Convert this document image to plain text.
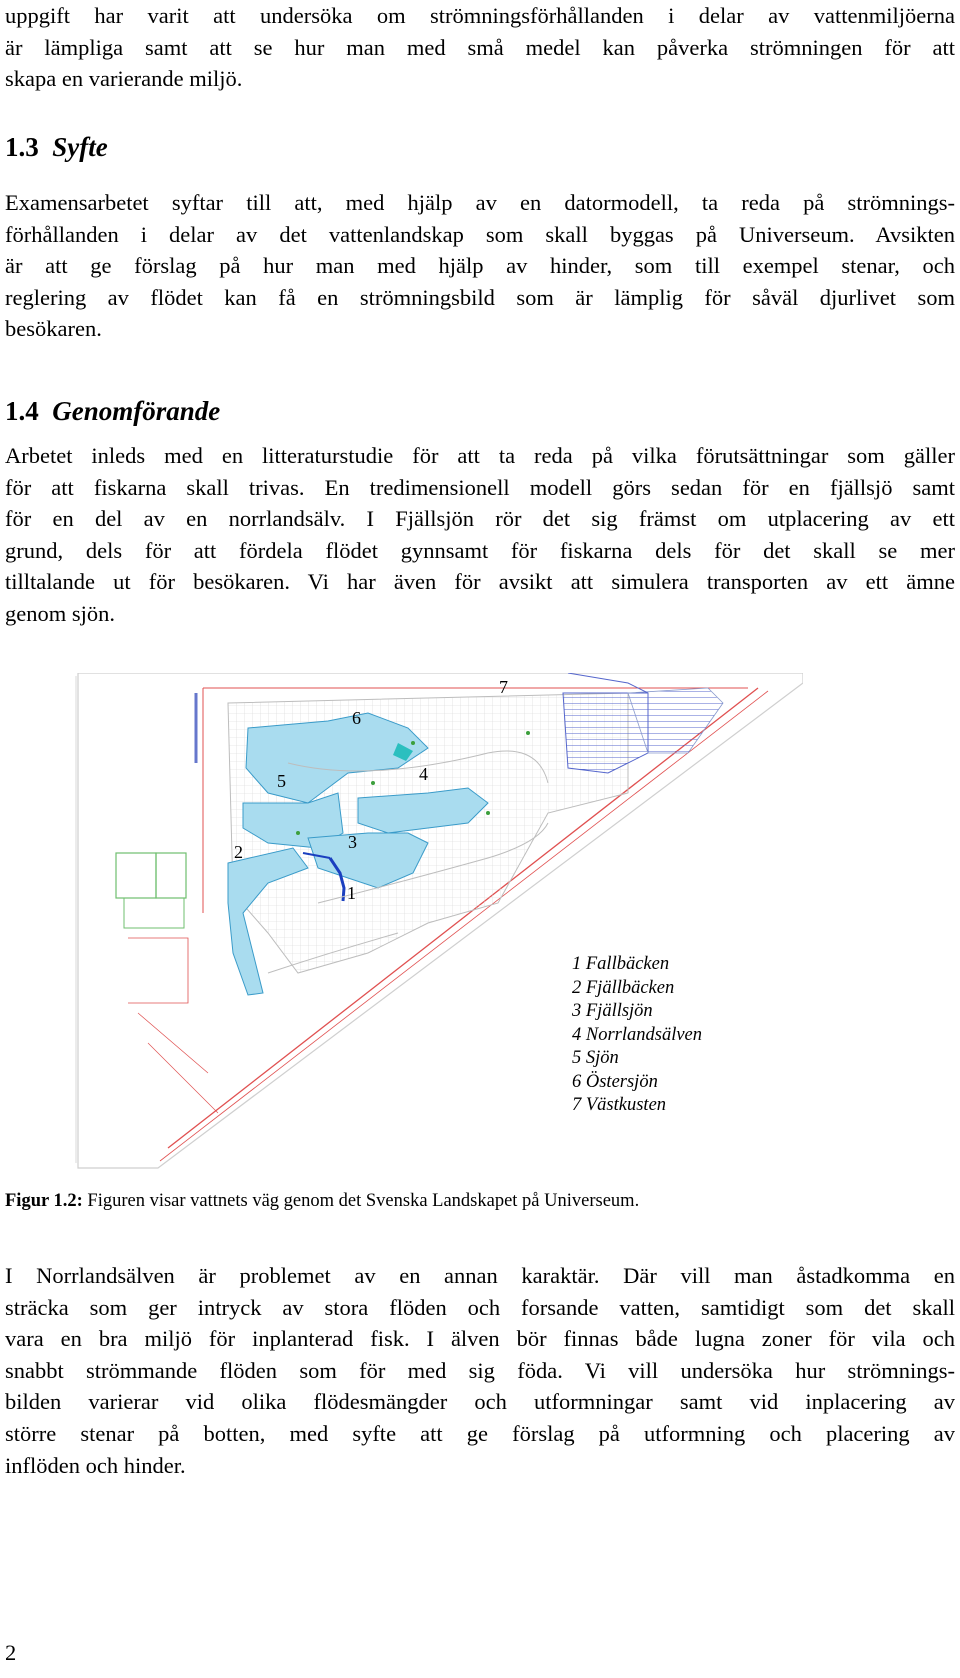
uppgift har varit att undersöka om strömningsförhållanden i delar av vattenmiljöerna
är lämpliga samt att se hur man med små medel kan påverka strömningen för att
skapa en varierande miljö.

1.3 Syfte

Examensarbetet syftar till att, med hjälp av en datormodell, ta reda på strömnings-
förhållanden i delar av det vattenlandskap som skall byggas på Universeum. Avsikten
är att ge förslag på hur man med hjälp av hinder, som till exempel stenar, och
reglering av flödet kan få en strömningsbild som är lämplig för såväl djurlivet som
besökaren.

1.4 Genomförande

Arbetet inleds med en litteraturstudie för att ta reda på vilka förutsättningar som gäller
för att fiskarna skall trivas. En tredimensionell modell görs sedan för en fjällsjö samt
för en del av en norrlandsälv. I Fjällsjön rör det sig främst om utplacering av ett
grund, dels för att fördela flödet gynnsamt för fiskarna dels för det skall se mer
tilltalande ut för besökaren. Vi har även för avsikt att simulera transporten av ett ämne
genom sjön.

7
6
5	4
3
2
1
1 Fallbäcken
2 Fjällbäcken
3 Fjällsjön
4 Norrlandsälven
5 Sjön
6 Östersjön
7 Västkusten
Figur 1.2: Figuren visar vattnets väg genom det Svenska Landskapet på Universeum.

I Norrlandsälven är problemet av en annan karaktär. Där vill man åstadkomma en
sträcka som ger intryck av stora flöden och forsande vatten, samtidigt som det skall
vara en bra miljö för inplanterad fisk. I älven bör finnas både lugna zoner för vila och
snabbt strömmande flöden som för med sig föda. Vi vill undersöka hur strömnings-
bilden varierar vid olika flödesmängder och utformningar samt vid inplacering av
större stenar på botten, med syfte att ge förslag på utformning och placering av
inflöden och hinder.

2
